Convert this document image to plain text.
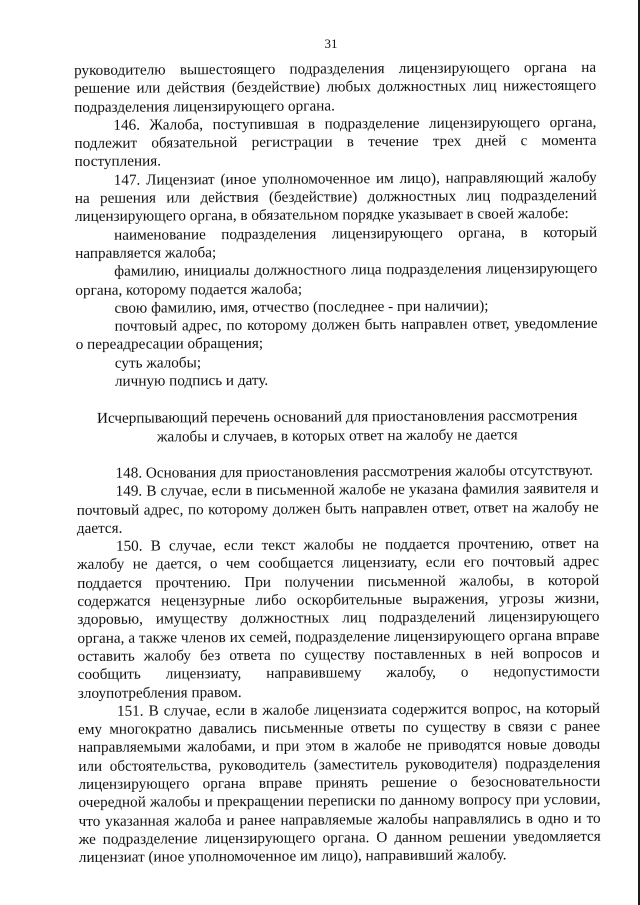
31

руководителю вышестоящего подразделения лицензирующего органа на решение или действия (бездействие) любых должностных лиц нижестоящего подразделения лицензирующего органа.

146. Жалоба, поступившая в подразделение лицензирующего органа, подлежит обязательной регистрации в течение трех дней с момента поступления.

147. Лицензиат (иное уполномоченное им лицо), направляющий жалобу на решения или действия (бездействие) должностных лиц подразделений лицензирующего органа, в обязательном порядке указывает в своей жалобе:

наименование подразделения лицензирующего органа, в который направляется жалоба;

фамилию, инициалы должностного лица подразделения лицензирующего органа, которому подается жалоба;

свою фамилию, имя, отчество (последнее - при наличии);

почтовый адрес, по которому должен быть направлен ответ, уведомление о переадресации обращения;

суть жалобы;

личную подпись и дату.

Исчерпывающий перечень оснований для приостановления рассмотрения
жалобы и случаев, в которых ответ на жалобу не дается

148. Основания для приостановления рассмотрения жалобы отсутствуют.

149. В случае, если в письменной жалобе не указана фамилия заявителя и почтовый адрес, по которому должен быть направлен ответ, ответ на жалобу не дается.

150. В случае, если текст жалобы не поддается прочтению, ответ на жалобу не дается, о чем сообщается лицензиату, если его почтовый адрес поддается прочтению. При получении письменной жалобы, в которой содержатся нецензурные либо оскорбительные выражения, угрозы жизни, здоровью, имуществу должностных лиц подразделений лицензирующего органа, а также членов их семей, подразделение лицензирующего органа вправе оставить жалобу без ответа по существу поставленных в ней вопросов и сообщить лицензиату, направившему жалобу, о недопустимости злоупотребления правом.

151. В случае, если в жалобе лицензиата содержится вопрос, на который ему многократно давались письменные ответы по существу в связи с ранее направляемыми жалобами, и при этом в жалобе не приводятся новые доводы или обстоятельства, руководитель (заместитель руководителя) подразделения лицензирующего органа вправе принять решение о безосновательности очередной жалобы и прекращении переписки по данному вопросу при условии, что указанная жалоба и ранее направляемые жалобы направлялись в одно и то же подразделение лицензирующего органа. О данном решении уведомляется лицензиат (иное уполномоченное им лицо), направивший жалобу.
